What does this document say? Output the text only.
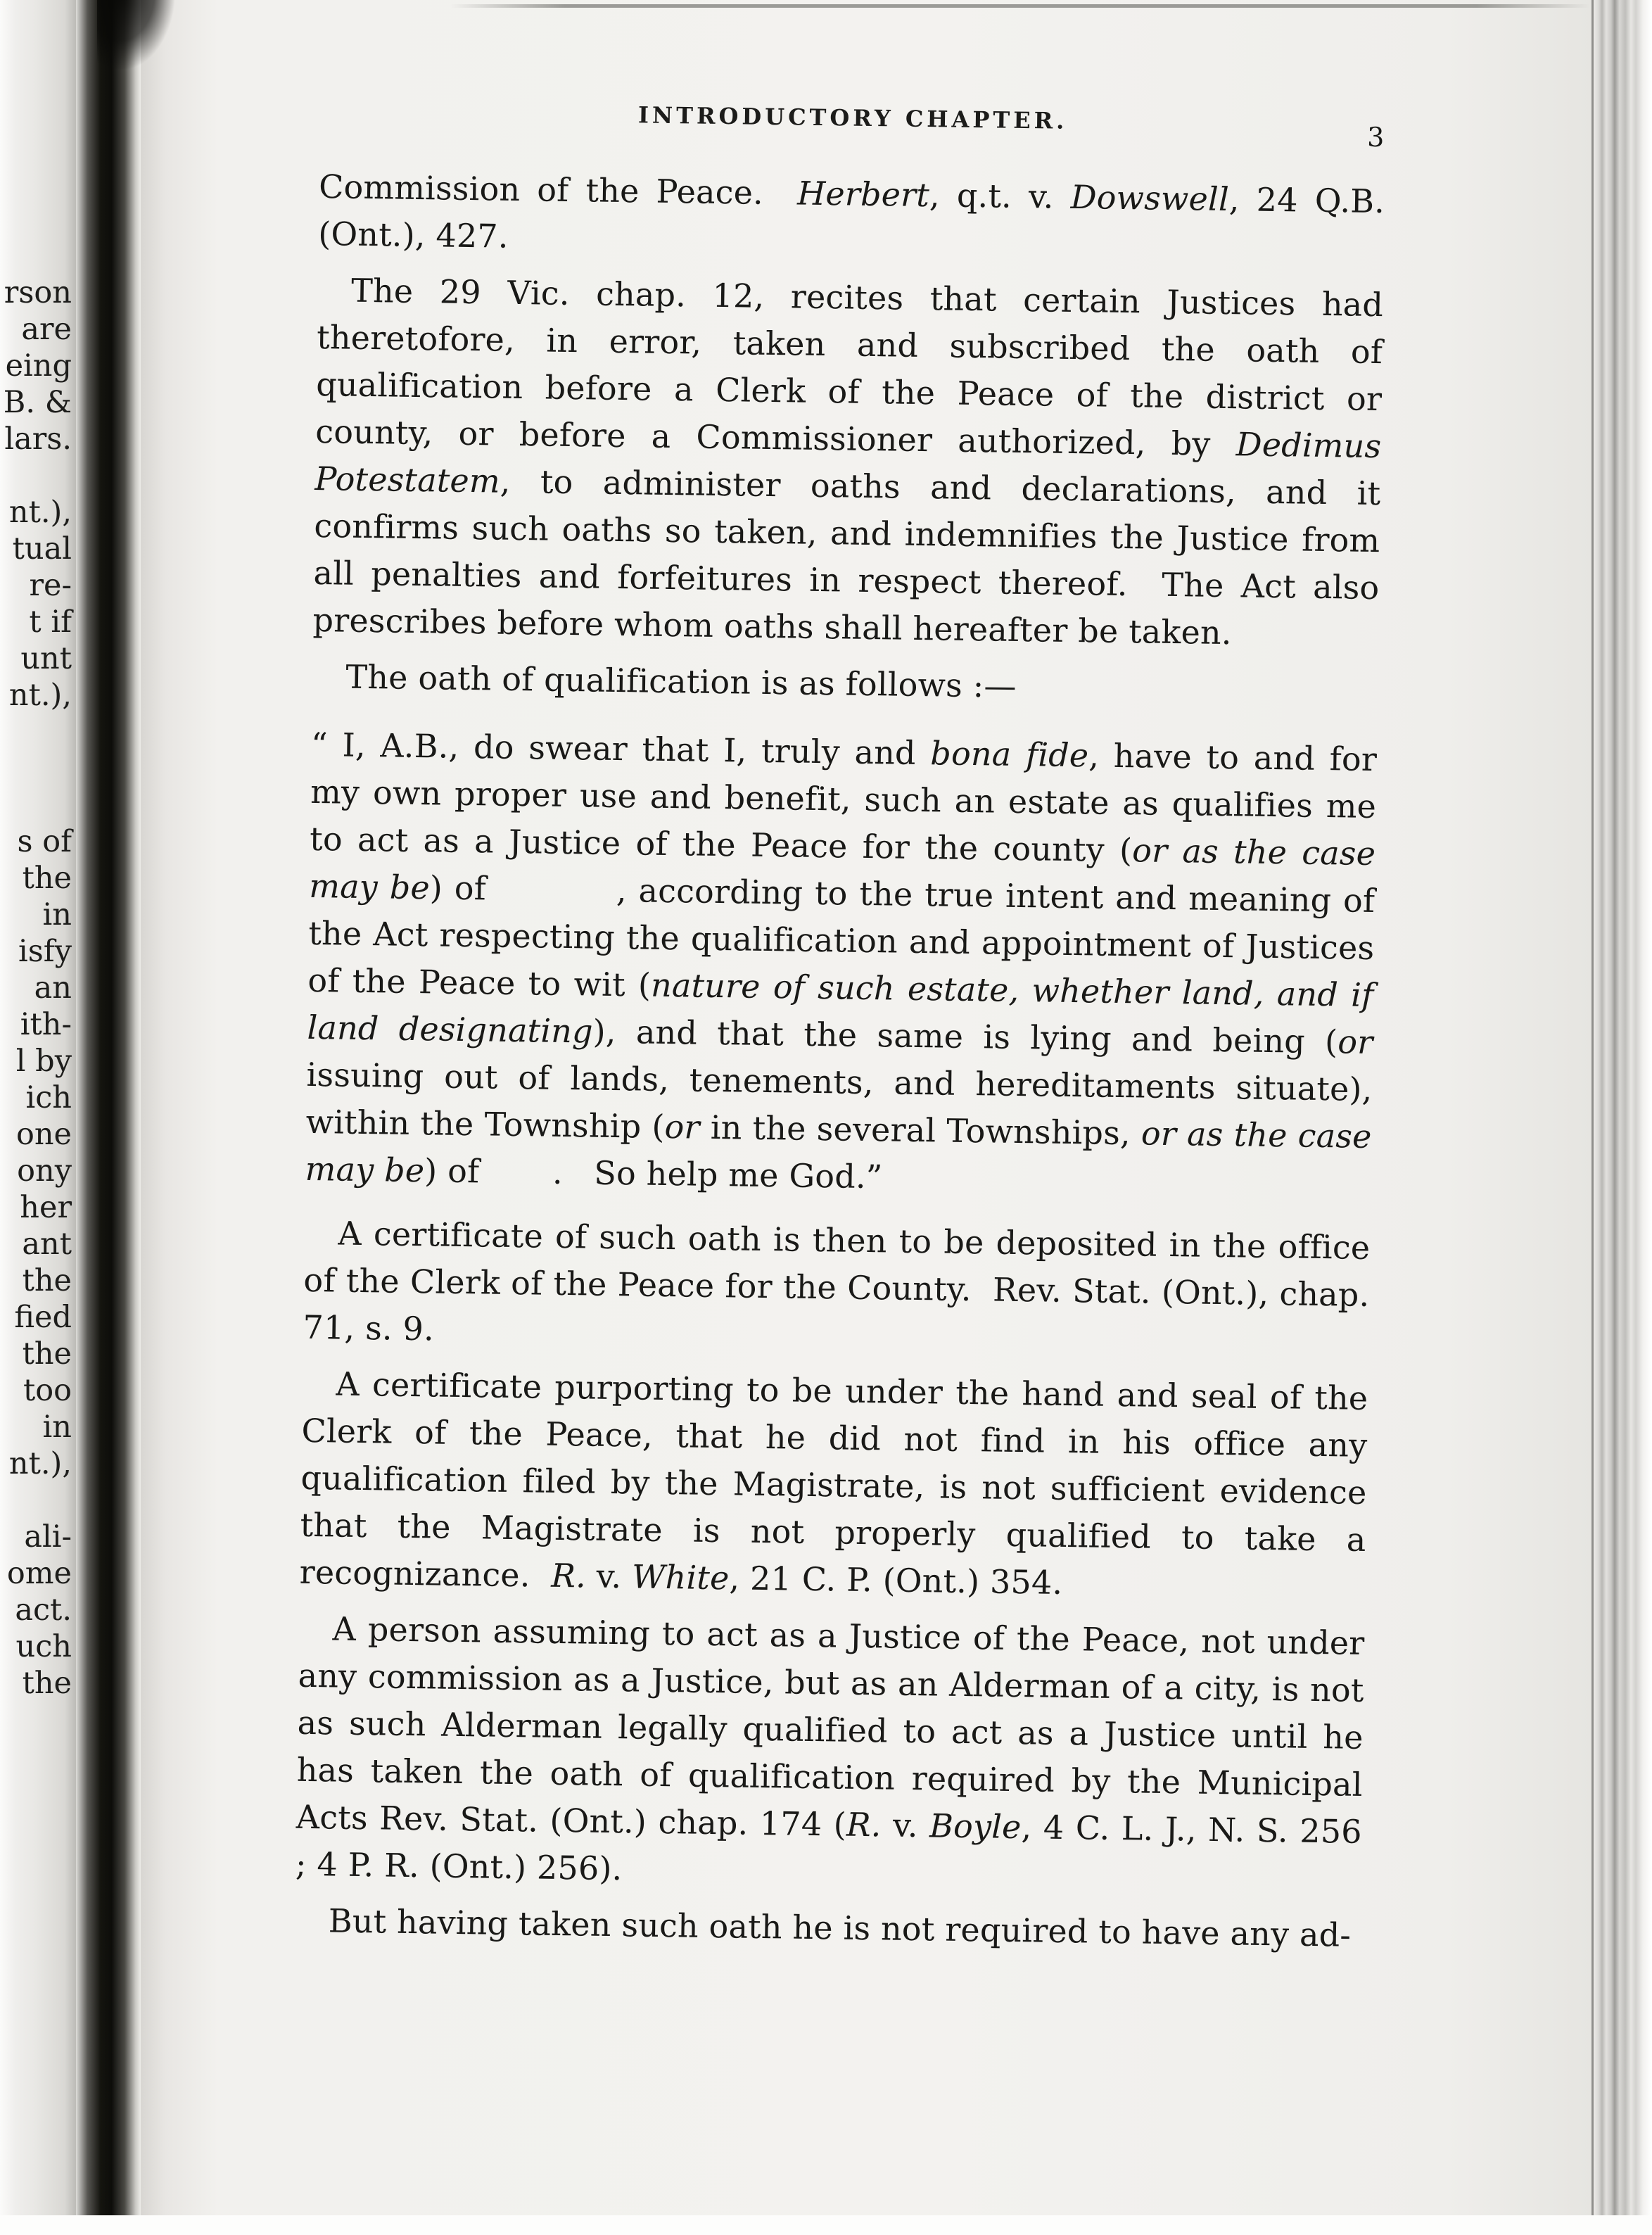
rson
are
eing
B. &
lars.
nt.),
tual
re-
t if
unt
nt.),
s of
the
in
isfy
an
ith-
l by
ich
one
ony
her
ant
the
fied
the
too
in
nt.),
ali-
ome
act.
uch
the
INTRODUCTORY CHAPTER.
3

Commission of the Peace.  Herbert, q.t. v. Dowswell, 24 Q.B. (Ont.), 427.

The 29 Vic. chap. 12, recites that certain Justices had theretofore, in error, taken and subscribed the oath of qualification before a Clerk of the Peace of the district or county, or before a Commissioner authorized, by Dedimus Potestatem, to administer oaths and declarations, and it confirms such oaths so taken, and indemnifies the Justice from all penalties and forfeitures in respect thereof.  The Act also prescribes before whom oaths shall hereafter be taken.

The oath of qualification is as follows :—

“ I, A.B., do swear that I, truly and bona fide, have to and for my own proper use and benefit, such an estate as qualifies me to act as a Justice of the Peace for the county (or as the case may be) of           , according to the true intent and meaning of the Act respecting the qualification and appointment of Justices of the Peace to wit (nature of such estate, whether land, and if land designating), and that the same is lying and being (or issuing out of lands, tenements, and hereditaments situate), within the Township (or in the several Townships, or as the case may be) of       .   So help me God.”

A certificate of such oath is then to be deposited in the office of the Clerk of the Peace for the County.  Rev. Stat. (Ont.), chap. 71, s. 9.

A certificate purporting to be under the hand and seal of the Clerk of the Peace, that he did not find in his office any qualification filed by the Magistrate, is not sufficient evidence that the Magistrate is not properly qualified to take a recognizance.  R. v. White, 21 C. P. (Ont.) 354.

A person assuming to act as a Justice of the Peace, not under any commission as a Justice, but as an Alderman of a city, is not as such Alderman legally qualified to act as a Justice until he has taken the oath of qualification required by the Municipal Acts Rev. Stat. (Ont.) chap. 174 (R. v. Boyle, 4 C. L. J., N. S. 256 ; 4 P. R. (Ont.) 256).

But having taken such oath he is not required to have any ad-
